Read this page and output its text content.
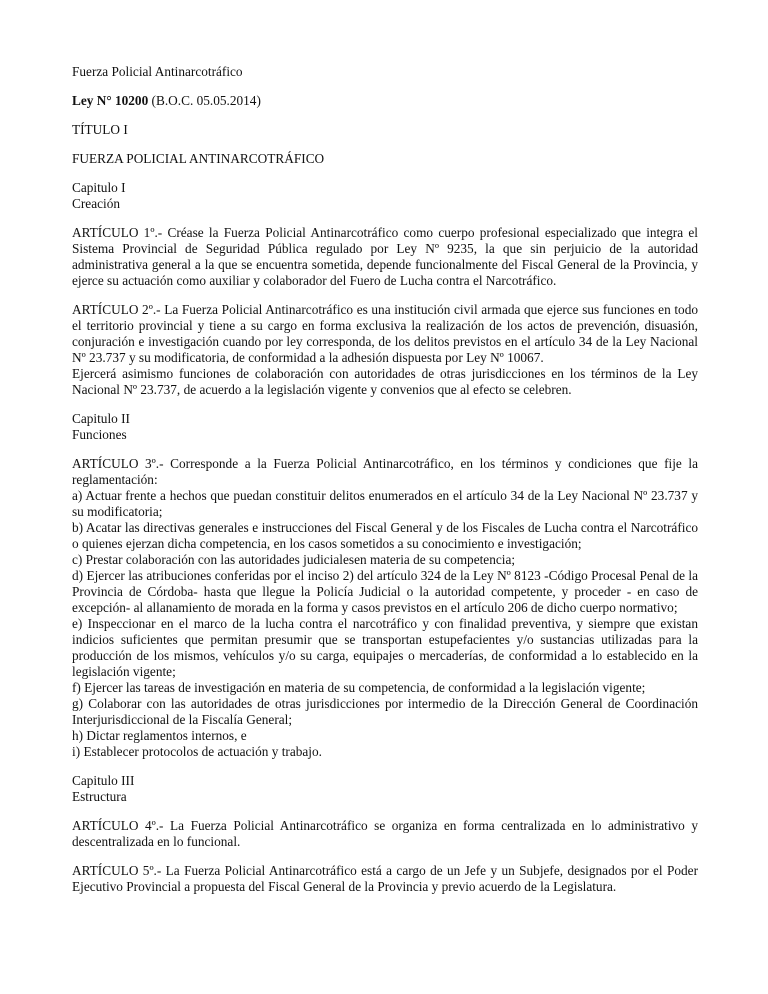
Fuerza Policial Antinarcotráfico

Ley N° 10200 (B.O.C. 05.05.2014)

TÍTULO I

FUERZA POLICIAL ANTINARCOTRÁFICO

Capitulo I
Creación

ARTÍCULO 1º.- Créase la Fuerza Policial Antinarcotráfico como cuerpo profesional especializado que integra el Sistema Provincial de Seguridad Pública regulado por Ley Nº 9235, la que sin perjuicio de la autoridad administrativa general a la que se encuentra sometida, depende funcionalmente del Fiscal General de la Provincia, y ejerce su actuación como auxiliar y colaborador del Fuero de Lucha contra el Narcotráfico.

ARTÍCULO 2º.- La Fuerza Policial Antinarcotráfico es una institución civil armada que ejerce sus funciones en todo el territorio provincial y tiene a su cargo en forma exclusiva la realización de los actos de prevención, disuasión, conjuración e investigación cuando por ley corresponda, de los delitos previstos en el artículo 34 de la Ley Nacional Nº 23.737 y su modificatoria, de conformidad a la adhesión dispuesta por Ley Nº 10067.
Ejercerá asimismo funciones de colaboración con autoridades de otras jurisdicciones en los términos de la Ley Nacional Nº 23.737, de acuerdo a la legislación vigente y convenios que al efecto se celebren.

Capitulo II
Funciones

ARTÍCULO 3º.- Corresponde a la Fuerza Policial Antinarcotráfico, en los términos y condiciones que fije la reglamentación:
a) Actuar frente a hechos que puedan constituir delitos enumerados en el artículo 34 de la Ley Nacional Nº 23.737 y su modificatoria;
b) Acatar las directivas generales e instrucciones del Fiscal General y de los Fiscales de Lucha contra el Narcotráfico o quienes ejerzan dicha competencia, en los casos sometidos a su conocimiento e investigación;
c) Prestar colaboración con las autoridades judicialesen materia de su competencia;
d) Ejercer las atribuciones conferidas por el inciso 2) del artículo 324 de la Ley Nº 8123 -Código Procesal Penal de la Provincia de Córdoba- hasta que llegue la Policía Judicial o la autoridad competente, y proceder - en caso de excepción- al allanamiento de morada en la forma y casos previstos en el artículo 206 de dicho cuerpo normativo;
e) Inspeccionar en el marco de la lucha contra el narcotráfico y con finalidad preventiva, y siempre que existan indicios suficientes que permitan presumir que se transportan estupefacientes y/o sustancias utilizadas para la producción de los mismos, vehículos y/o su carga, equipajes o mercaderías, de conformidad a lo establecido en la legislación vigente;
f) Ejercer las tareas de investigación en materia de su competencia, de conformidad a la legislación vigente;
g) Colaborar con las autoridades de otras jurisdicciones por intermedio de la Dirección General de Coordinación Interjurisdiccional de la Fiscalía General;
h) Dictar reglamentos internos, e
i) Establecer protocolos de actuación y trabajo.

Capitulo III
Estructura

ARTÍCULO 4º.- La Fuerza Policial Antinarcotráfico se organiza en forma centralizada en lo administrativo y descentralizada en lo funcional.

ARTÍCULO 5º.- La Fuerza Policial Antinarcotráfico está a cargo de un Jefe y un Subjefe, designados por el Poder Ejecutivo Provincial a propuesta del Fiscal General de la Provincia y previo acuerdo de la Legislatura.
